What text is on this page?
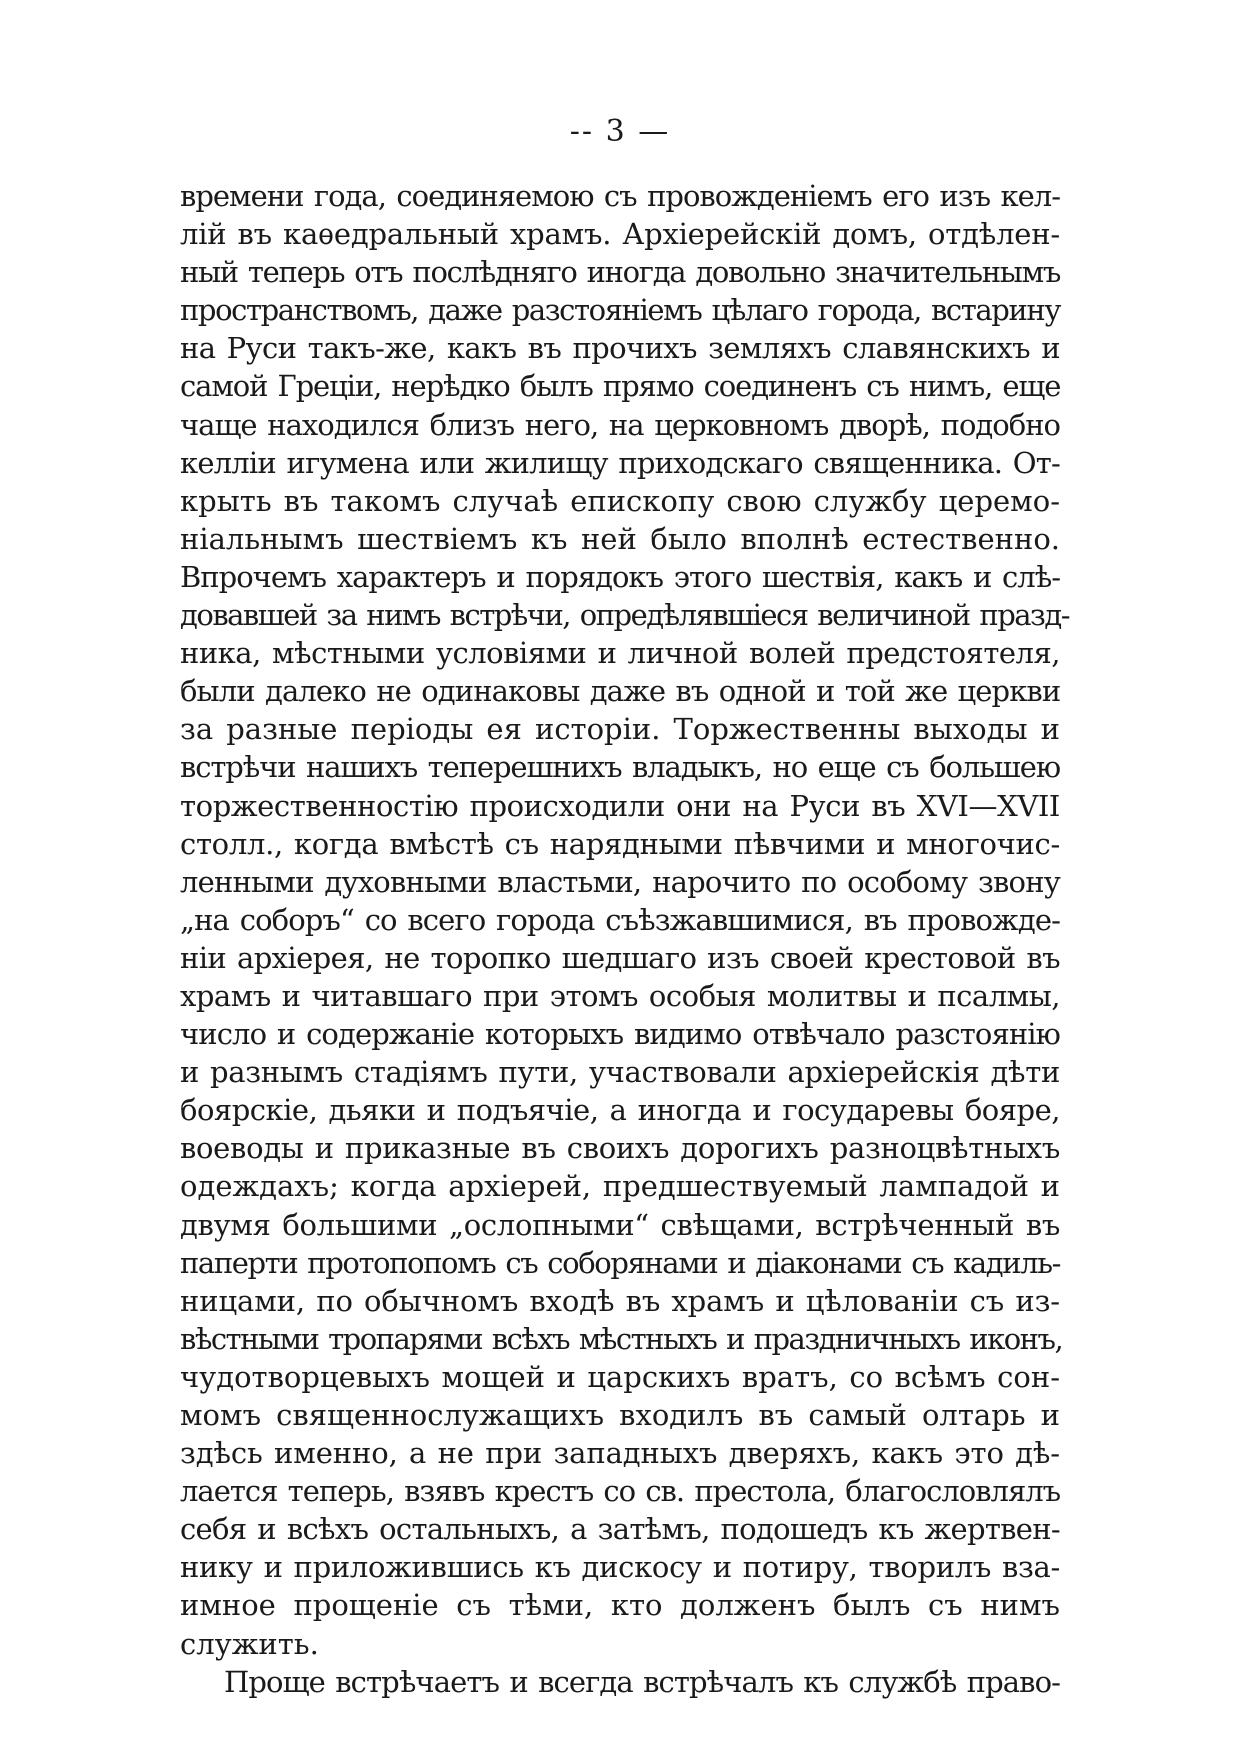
-- 3 —
времени года, соединяемою съ провожденіемъ его изъ кел-
лій въ каѳедральный храмъ. Архіерейскій домъ, отдѣлен-
ный теперь отъ послѣдняго иногда довольно значительнымъ
пространствомъ, даже разстояніемъ цѣлаго города, встарину
на Руси такъ-же, какъ въ прочихъ земляхъ славянскихъ и
самой Греціи, нерѣдко былъ прямо соединенъ съ нимъ, еще
чаще находился близъ него, на церковномъ дворѣ, подобно
келліи игумена или жилищу приходскаго священника. От-
крыть въ такомъ случаѣ епископу свою службу церемо-
ніальнымъ шествіемъ къ ней было вполнѣ естественно.
Впрочемъ характеръ и порядокъ этого шествія, какъ и слѣ-
довавшей за нимъ встрѣчи, опредѣлявшіеся величиной празд-
ника, мѣстными условіями и личной волей предстоятеля,
были далеко не одинаковы даже въ одной и той же церкви
за разные періоды ея исторіи. Торжественны выходы и
встрѣчи нашихъ теперешнихъ владыкъ, но еще съ большею
торжественностію происходили они на Руси въ XVI—XVII
столл., когда вмѣстѣ съ нарядными пѣвчими и многочис-
ленными духовными властьми, нарочито по особому звону
„на соборъ“ со всего города съѣзжавшимися, въ провожде-
ніи архіерея, не торопко шедшаго изъ своей крестовой въ
храмъ и читавшаго при этомъ особыя молитвы и псалмы,
число и содержаніе которыхъ видимо отвѣчало разстоянію
и разнымъ стадіямъ пути, участвовали архіерейскія дѣти
боярскіе, дьяки и подъячіе, а иногда и государевы бояре,
воеводы и приказные въ своихъ дорогихъ разноцвѣтныхъ
одеждахъ; когда архіерей, предшествуемый лампадой и
двумя большими „ослопными“ свѣщами, встрѣченный въ
паперти протопопомъ съ соборянами и діаконами съ кадиль-
ницами, по обычномъ входѣ въ храмъ и цѣлованіи съ из-
вѣстными тропарями всѣхъ мѣстныхъ и праздничныхъ иконъ,
чудотворцевыхъ мощей и царскихъ вратъ, со всѣмъ сон-
момъ священнослужащихъ входилъ въ самый олтарь и
здѣсь именно, а не при западныхъ дверяхъ, какъ это дѣ-
лается теперь, взявъ крестъ со св. престола, благословлялъ
себя и всѣхъ остальныхъ, а затѣмъ, подошедъ къ жертвен-
нику и приложившись къ дискосу и потиру, творилъ вза-
имное прощеніе съ тѣми, кто долженъ былъ съ нимъ
служить.
Проще встрѣчаетъ и всегда встрѣчалъ къ службѣ право-
